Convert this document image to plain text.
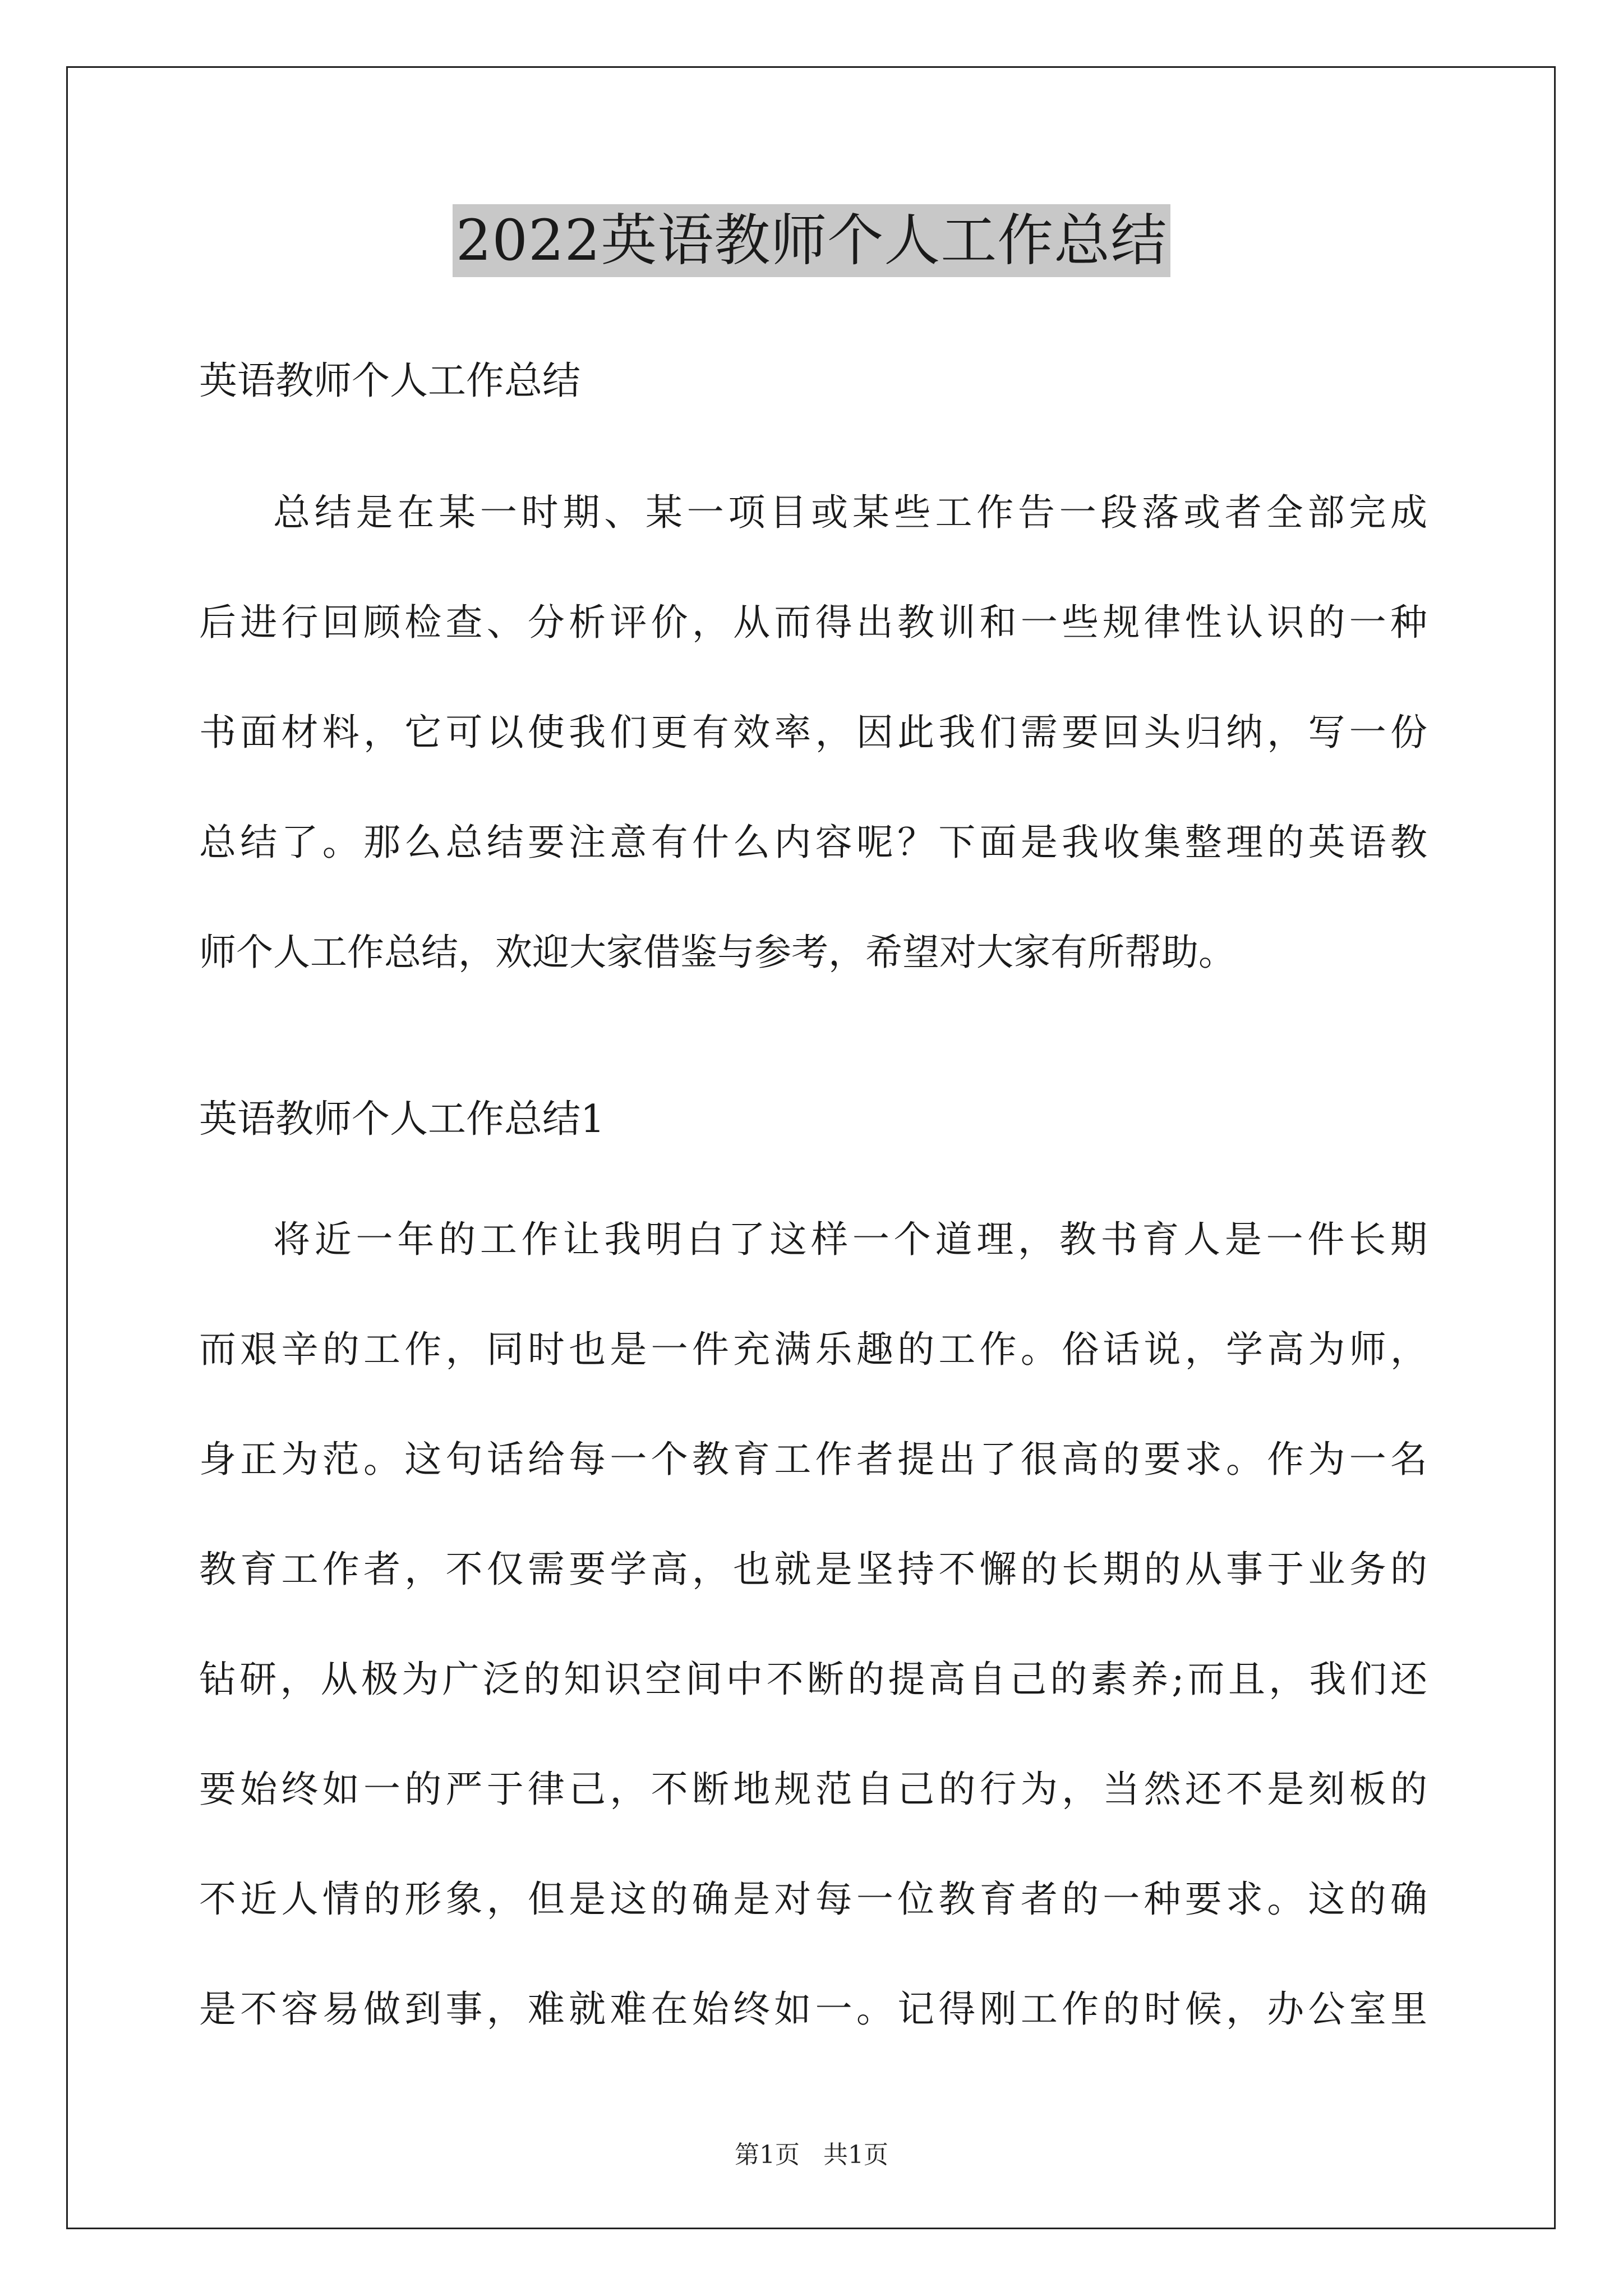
2022英语教师个人工作总结

英语教师个人工作总结

总结是在某一时期、某一项目或某些工作告一段落或者全部完成
后进行回顾检查、分析评价，从而得出教训和一些规律性认识的一种
书面材料，它可以使我们更有效率，因此我们需要回头归纳，写一份
总结了。那么总结要注意有什么内容呢？下面是我收集整理的英语教
师个人工作总结，欢迎大家借鉴与参考，希望对大家有所帮助。

英语教师个人工作总结1

将近一年的工作让我明白了这样一个道理，教书育人是一件长期
而艰辛的工作，同时也是一件充满乐趣的工作。俗话说，学高为师，
身正为范。这句话给每一个教育工作者提出了很高的要求。作为一名
教育工作者，不仅需要学高，也就是坚持不懈的长期的从事于业务的
钻研，从极为广泛的知识空间中不断的提高自己的素养;而且，我们还
要始终如一的严于律己，不断地规范自己的行为，当然还不是刻板的
不近人情的形象，但是这的确是对每一位教育者的一种要求。这的确
是不容易做到事，难就难在始终如一。记得刚工作的时候，办公室里
第1页 共1页
